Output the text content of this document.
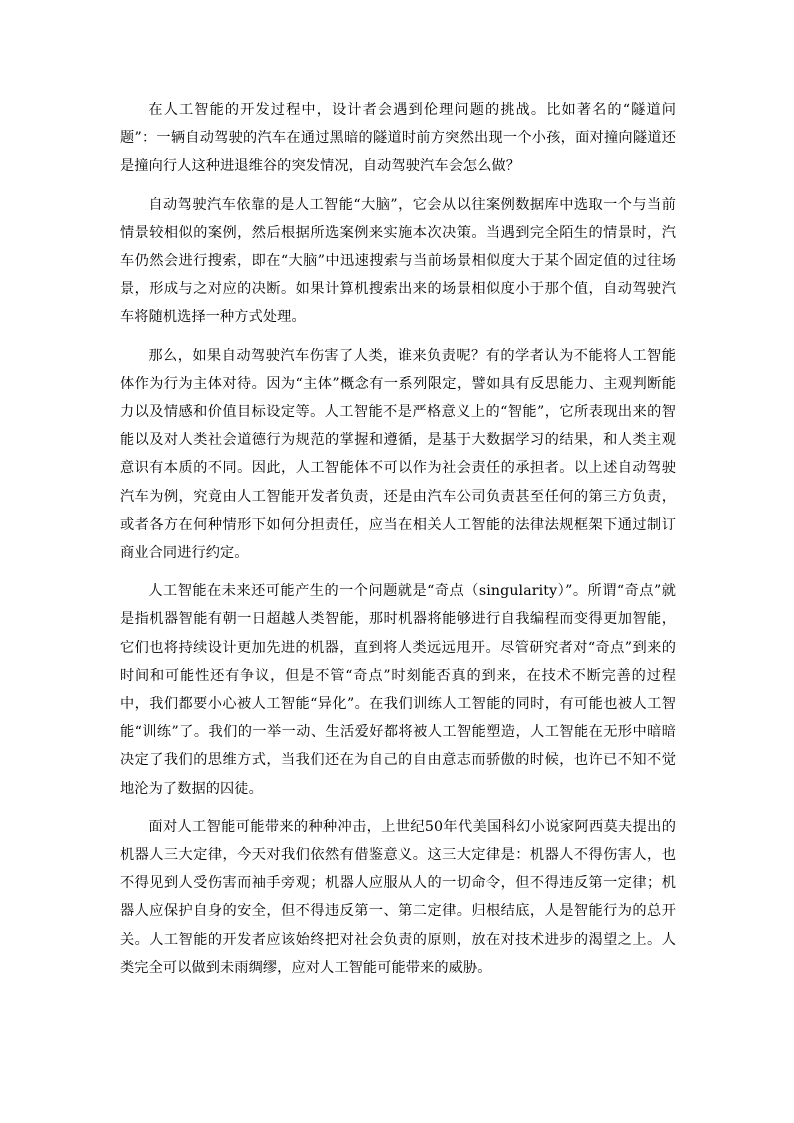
在人工智能的开发过程中，设计者会遇到伦理问题的挑战。比如著名的“隧道问题”：一辆自动驾驶的汽车在通过黑暗的隧道时前方突然出现一个小孩，面对撞向隧道还是撞向行人这种进退维谷的突发情况，自动驾驶汽车会怎么做？

自动驾驶汽车依靠的是人工智能“大脑”，它会从以往案例数据库中选取一个与当前情景较相似的案例，然后根据所选案例来实施本次决策。当遇到完全陌生的情景时，汽车仍然会进行搜索，即在“大脑”中迅速搜索与当前场景相似度大于某个固定值的过往场景，形成与之对应的决断。如果计算机搜索出来的场景相似度小于那个值，自动驾驶汽车将随机选择一种方式处理。

那么，如果自动驾驶汽车伤害了人类，谁来负责呢？有的学者认为不能将人工智能体作为行为主体对待。因为“主体”概念有一系列限定，譬如具有反思能力、主观判断能力以及情感和价值目标设定等。人工智能不是严格意义上的“智能”，它所表现出来的智能以及对人类社会道德行为规范的掌握和遵循，是基于大数据学习的结果，和人类主观意识有本质的不同。因此，人工智能体不可以作为社会责任的承担者。以上述自动驾驶汽车为例，究竟由人工智能开发者负责，还是由汽车公司负责甚至任何的第三方负责，或者各方在何种情形下如何分担责任，应当在相关人工智能的法律法规框架下通过制订商业合同进行约定。

人工智能在未来还可能产生的一个问题就是“奇点（singularity）”。所谓“奇点”就是指机器智能有朝一日超越人类智能，那时机器将能够进行自我编程而变得更加智能，它们也将持续设计更加先进的机器，直到将人类远远甩开。尽管研究者对“奇点”到来的时间和可能性还有争议，但是不管“奇点”时刻能否真的到来，在技术不断完善的过程中，我们都要小心被人工智能“异化”。在我们训练人工智能的同时，有可能也被人工智能“训练”了。我们的一举一动、生活爱好都将被人工智能塑造，人工智能在无形中暗暗决定了我们的思维方式，当我们还在为自己的自由意志而骄傲的时候，也许已不知不觉地沦为了数据的囚徒。

面对人工智能可能带来的种种冲击，上世纪50年代美国科幻小说家阿西莫夫提出的机器人三大定律，今天对我们依然有借鉴意义。这三大定律是：机器人不得伤害人，也不得见到人受伤害而袖手旁观；机器人应服从人的一切命令，但不得违反第一定律；机器人应保护自身的安全，但不得违反第一、第二定律。归根结底，人是智能行为的总开关。人工智能的开发者应该始终把对社会负责的原则，放在对技术进步的渴望之上。人类完全可以做到未雨绸缪，应对人工智能可能带来的威胁。
